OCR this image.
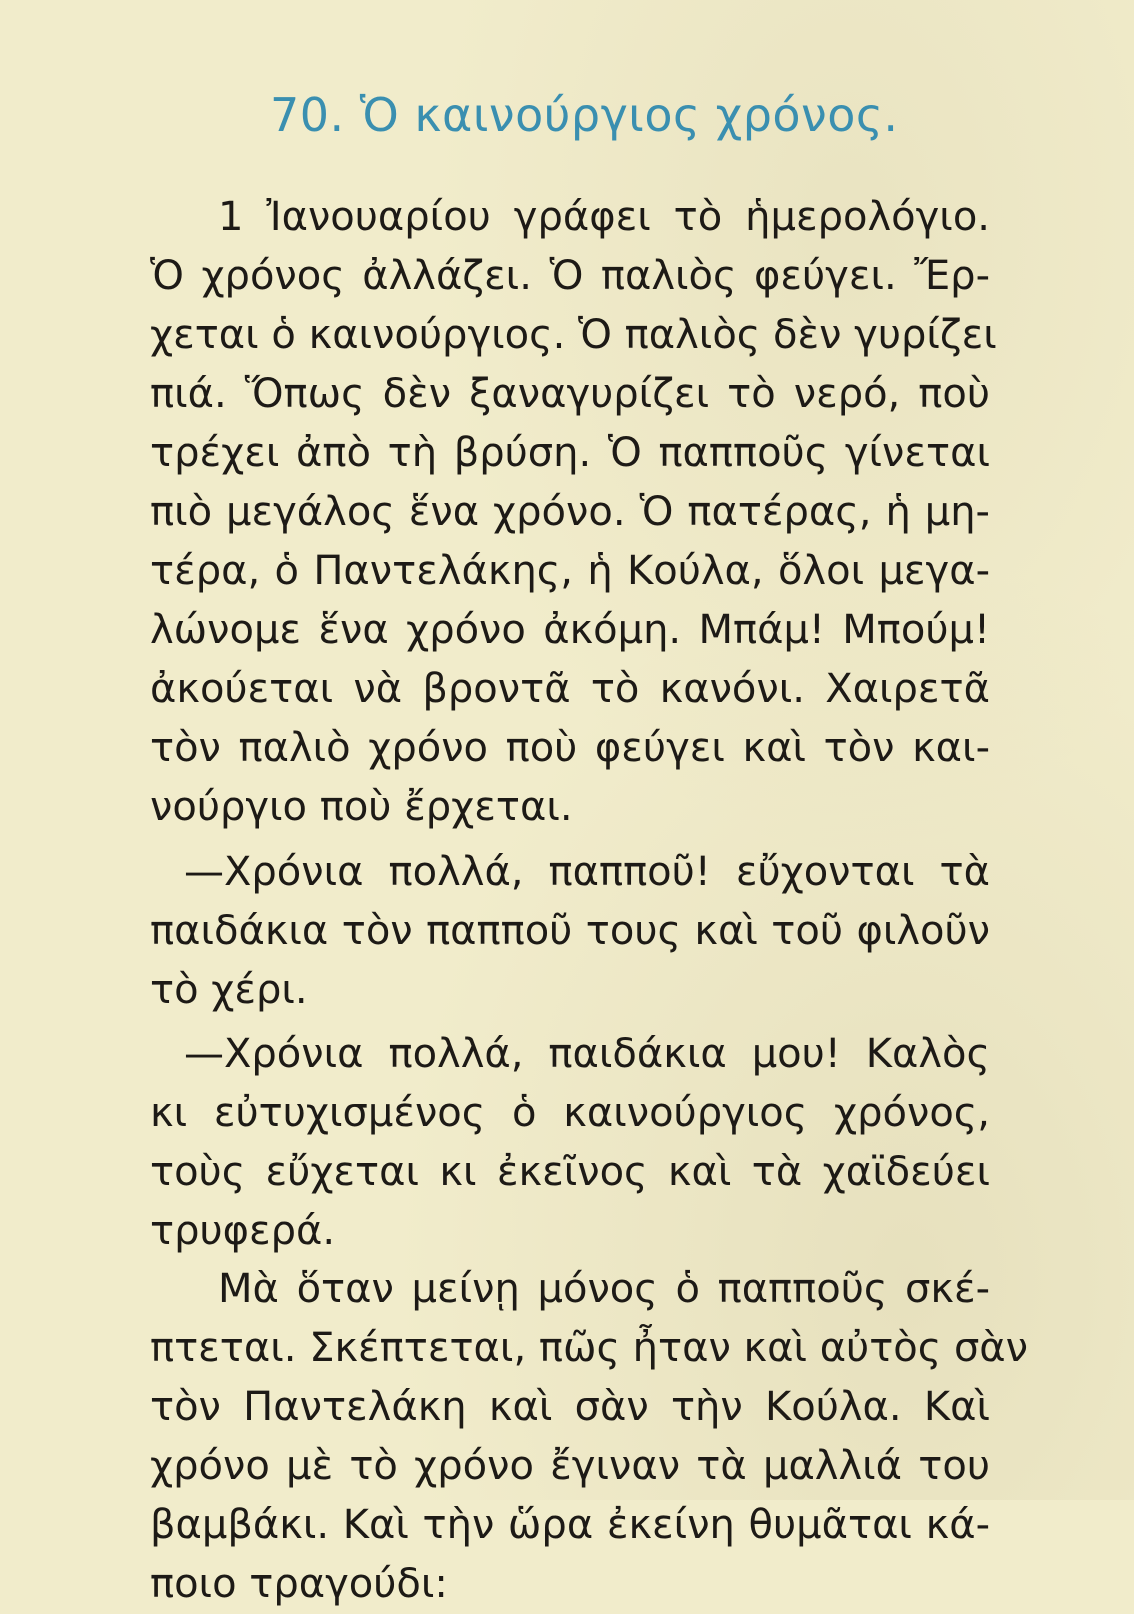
70. Ὁ καινούργιος χρόνος.
1 Ἰανουαρίου γράφει τὸ ἡμερολόγιο.
Ὁ χρόνος ἀλλάζει. Ὁ παλιὸς φεύγει. Ἔρ-
χεται ὁ καινούργιος. Ὁ παλιὸς δὲν γυρίζει
πιά. Ὅπως δὲν ξαναγυρίζει τὸ νερό, ποὺ
τρέχει ἀπὸ τὴ βρύση. Ὁ παπποῦς γίνεται
πιὸ μεγάλος ἕνα χρόνο. Ὁ πατέρας, ἡ μη-
τέρα, ὁ Παντελάκης, ἡ Κούλα, ὅλοι μεγα-
λώνομε ἕνα χρόνο ἀκόμη. Μπάμ! Μπούμ!
ἀκούεται νὰ βροντᾶ τὸ κανόνι. Χαιρετᾶ
τὸν παλιὸ χρόνο ποὺ φεύγει καὶ τὸν και-
νούργιο ποὺ ἔρχεται.
—Χρόνια πολλά, παπποῦ! εὔχονται τὰ
παιδάκια τὸν παπποῦ τους καὶ τοῦ φιλοῦν
τὸ χέρι.
—Χρόνια πολλά, παιδάκια μου! Καλὸς
κι εὐτυχισμένος ὁ καινούργιος χρόνος,
τοὺς εὔχεται κι ἐκεῖνος καὶ τὰ χαϊδεύει
τρυφερά.
Μὰ ὅταν μείνῃ μόνος ὁ παπποῦς σκέ-
πτεται. Σκέπτεται, πῶς ἦταν καὶ αὐτὸς σὰν
τὸν Παντελάκη καὶ σὰν τὴν Κούλα. Καὶ
χρόνο μὲ τὸ χρόνο ἔγιναν τὰ μαλλιά του
βαμβάκι. Καὶ τὴν ὥρα ἐκείνη θυμᾶται κά-
ποιο τραγούδι:
